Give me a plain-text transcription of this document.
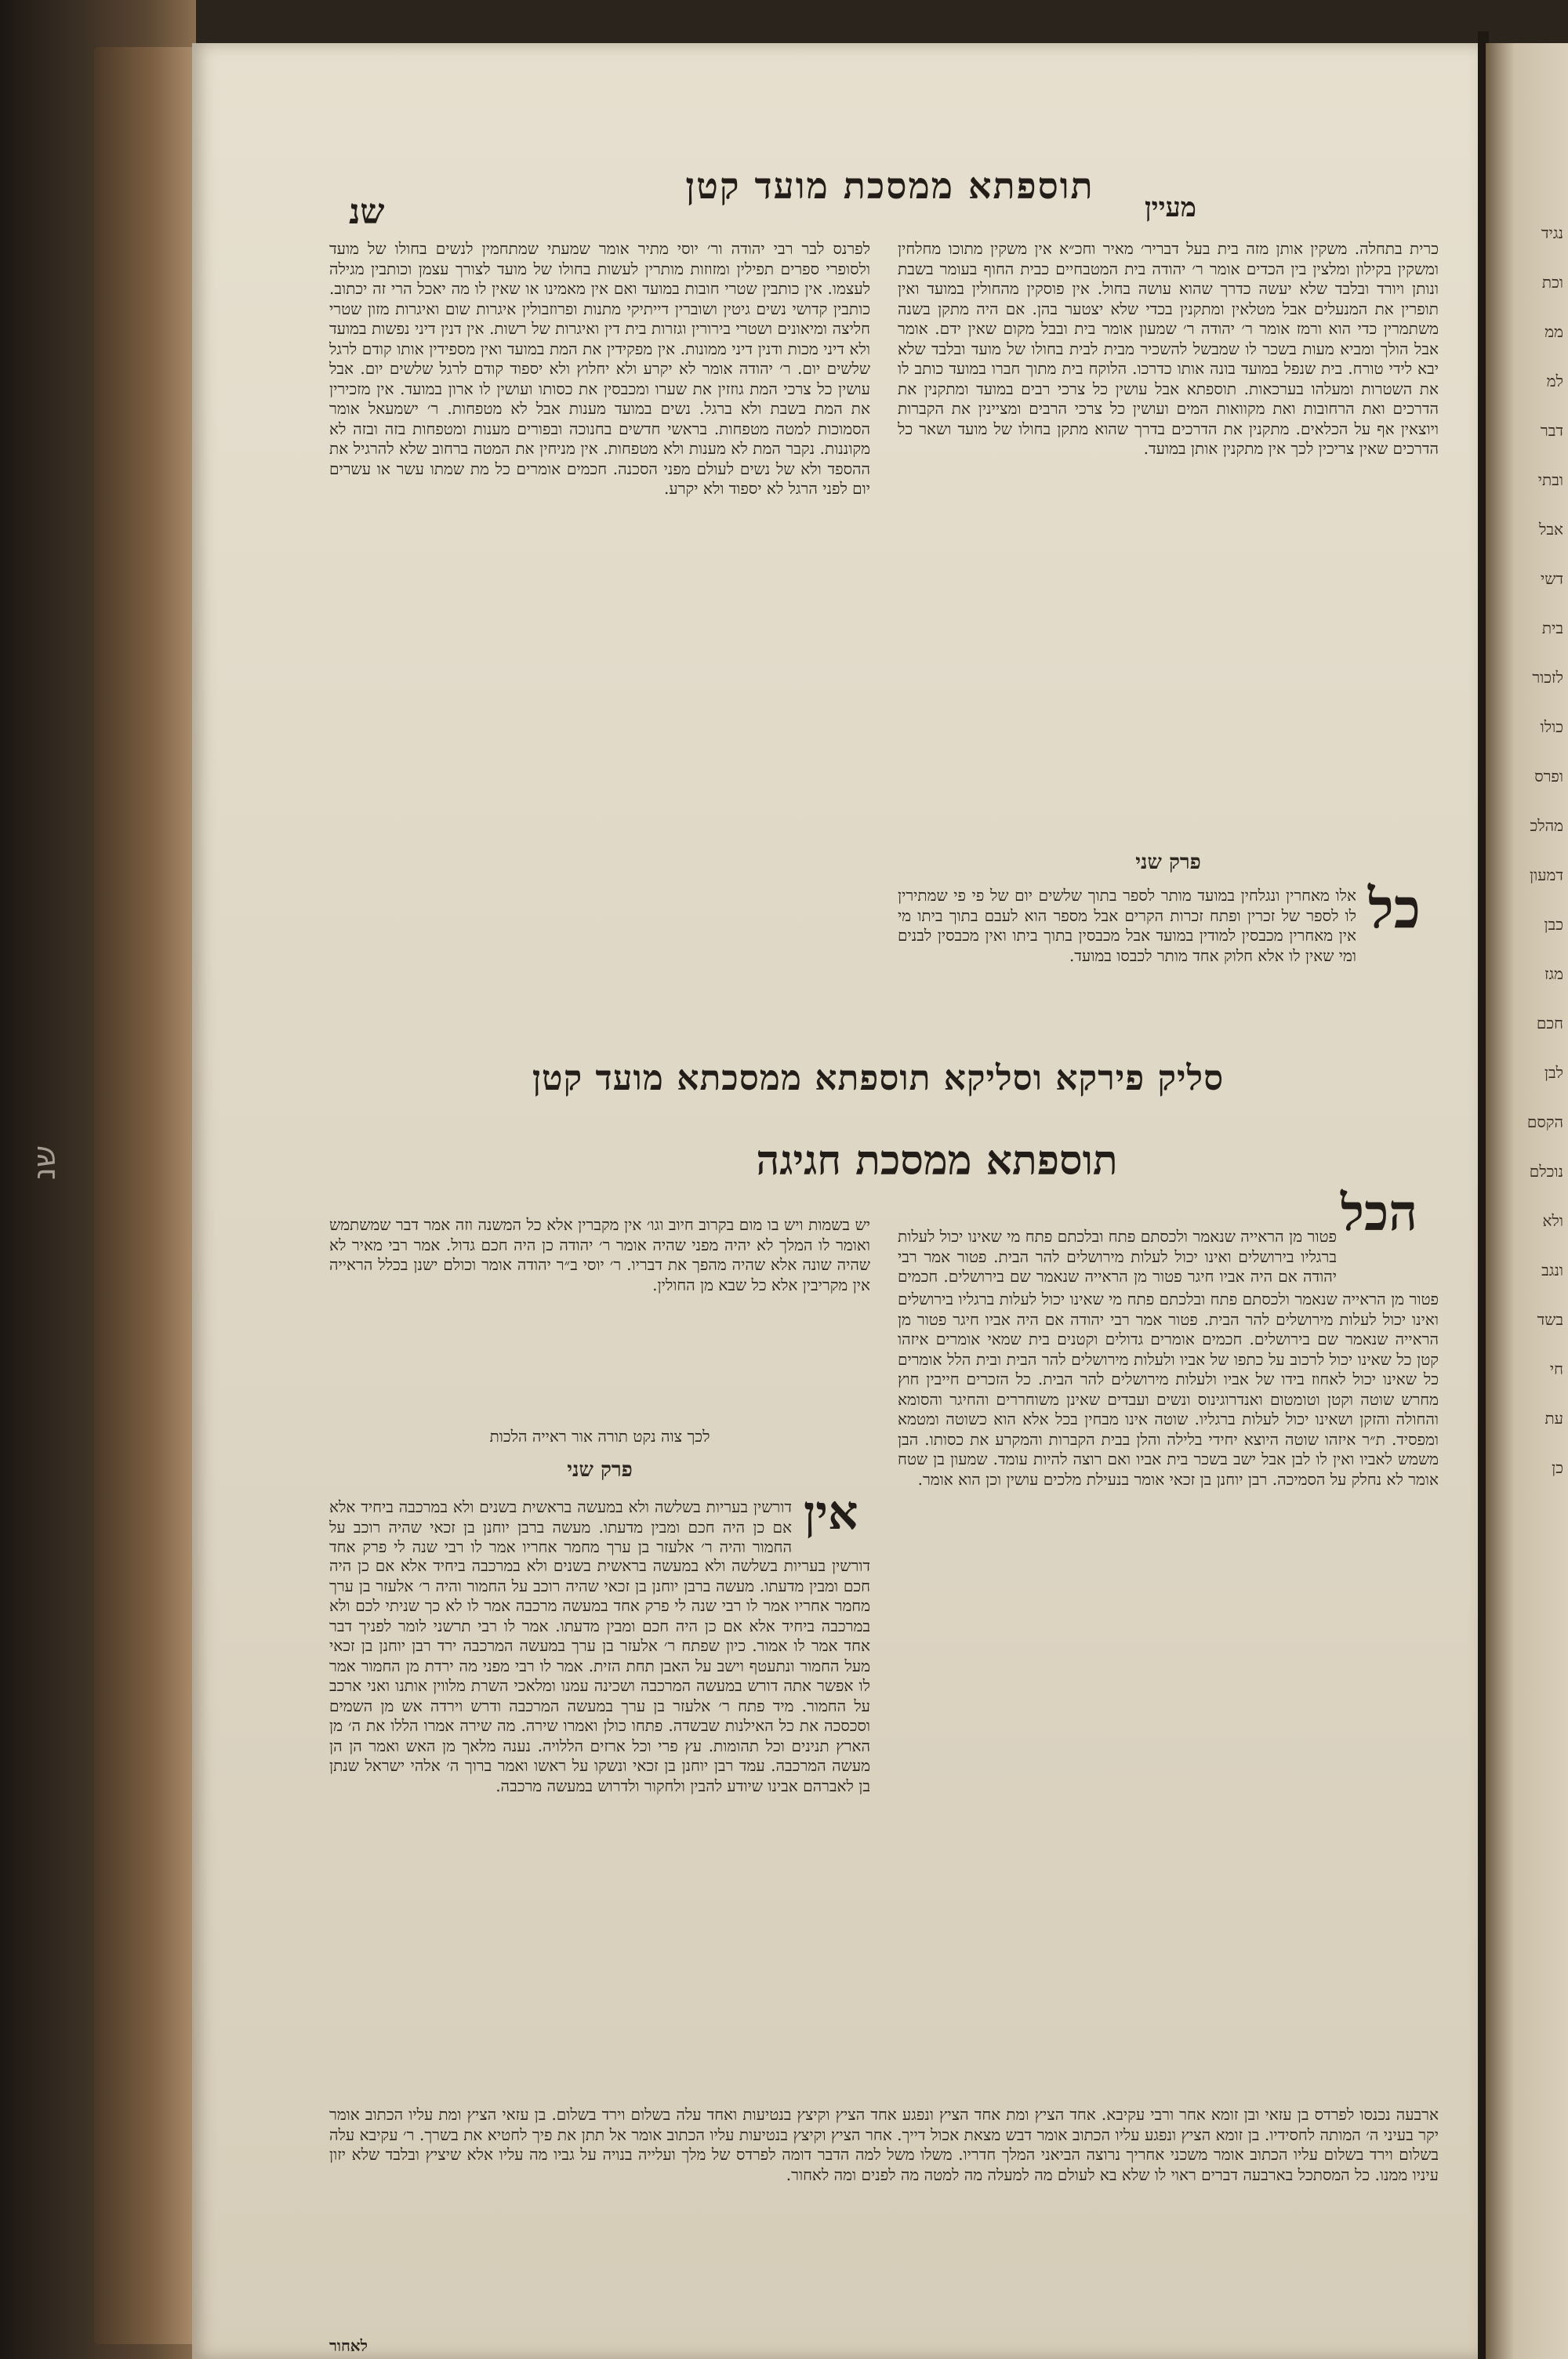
שנ
נגיד
וכת
ממ
למ
דבר
ובתי
אבל
דשי
בית
לזכור
כולו
ופרס
מהלכ
דמעון
כבן
מגז
חכם
לבן
הקסם
נוכלם
ולא
ונגב
בשד
חי
עת
כן
מעיין
תוספתא ממסכת מועד קטן
שנ
כרית בתחלה. משקין אותן מזה בית בעל דבריר׳ מאיר וחכ״א אין משקין מתוכו מחלחין ומשקין בקילון ומלצין בין הכדים אומר ר׳ יהודה בית המטבחיים כבית החוף בעומר בשבת ונותן ויורד ובלבד שלא יעשה כדרך שהוא עושה בחול. אין פוסקין מהחולין במועד ואין תופרין את המנעלים אבל מטלאין ומתקנין בכדי שלא יצטער בהן. אם היה מתקן בשנה משתמרין כדי הוא ורמז אומר ר׳ יהודה ר׳ שמעון אומר בית ובבל מקום שאין ידם. אומר אבל הולך ומביא מעות בשכר לו שמבשל להשכיר מבית לבית בחולו של מועד ובלבד שלא יבא לידי טורח. בית שנפל במועד בונה אותו כדרכו. הלוקח בית מתוך חברו במועד כותב לו את השטרות ומעלהו בערכאות. תוספתא אבל עושין כל צרכי רבים במועד ומתקנין את הדרכים ואת הרחובות ואת מקוואות המים ועושין כל צרכי הרבים ומציינין את הקברות ויוצאין אף על הכלאים. מתקנין את הדרכים בדרך שהוא מתקן בחולו של מועד ושאר כל הדרכים שאין צריכין לכך אין מתקנין אותן במועד.
פרק שני
כל
אלו מאחרין ונגלחין במועד מותר לספר בתוך שלשים יום של פי פי שמתירין לו לספר של זכרין ופתח זכרות הקרים אבל מספר הוא לעבם בתוך ביתו מי אין מאחרין מכבסין למודין במועד אבל מכבסין בתוך ביתו ואין מכבסין לבנים ומי שאין לו אלא חלוק אחד מותר לכבסו במועד.
לפרנס לבר רבי יהודה ור׳ יוסי מתיר אומר שמעתי שמתחמין לנשים בחולו של מועד ולסופרי ספרים תפילין ומזוזות מותרין לעשות בחולו של מועד לצורך עצמן וכותבין מגילה לעצמו. אין כותבין שטרי חובות במועד ואם אין מאמינו או שאין לו מה יאכל הרי זה יכתוב. כותבין קדושי נשים גיטין ושוברין דייתיקי מתנות ופרוזבולין איגרות שום ואיגרות מזון שטרי חליצה ומיאונים ושטרי בירורין וגזרות בית דין ואיגרות של רשות. אין דנין דיני נפשות במועד ולא דיני מכות ודנין דיני ממונות. אין מפקידין את המת במועד ואין מספידין אותו קודם לרגל שלשים יום. ר׳ יהודה אומר לא יקרע ולא יחלוץ ולא יספוד קודם לרגל שלשים יום. אבל עושין כל צרכי המת גוזזין את שערו ומכבסין את כסותו ועושין לו ארון במועד. אין מזכירין את המת בשבת ולא ברגל. נשים במועד מענות אבל לא מטפחות. ר׳ ישמעאל אומר הסמוכות למטה מטפחות. בראשי חדשים בחנוכה ובפורים מענות ומטפחות בזה ובזה לא מקוננות. נקבר המת לא מענות ולא מטפחות. אין מניחין את המטה ברחוב שלא להרגיל את ההספד ולא של נשים לעולם מפני הסכנה. חכמים אומרים כל מת שמתו עשר או עשרים יום לפני הרגל לא יספוד ולא יקרע.
סליק פירקא וסליקא תוספתא ממסכתא מועד קטן
תוספתא ממסכת חגיגה
הכל
פטור מן הראייה שנאמר ולכסתם פתח ובלכתם פתח מי שאינו יכול לעלות ברגליו בירושלים ואינו יכול לעלות מירושלים להר הבית. פטור אמר רבי יהודה אם היה אביו חיגר פטור מן הראייה שנאמר שם בירושלים. חכמים
פטור מן הראייה שנאמר ולכסתם פתח ובלכתם פתח מי שאינו יכול לעלות ברגליו בירושלים ואינו יכול לעלות מירושלים להר הבית. פטור אמר רבי יהודה אם היה אביו חיגר פטור מן הראייה שנאמר שם בירושלים. חכמים אומרים גדולים וקטנים בית שמאי אומרים איזהו קטן כל שאינו יכול לרכוב על כתפו של אביו ולעלות מירושלים להר הבית ובית הלל אומרים כל שאינו יכול לאחוז בידו של אביו ולעלות מירושלים להר הבית. כל הזכרים חייבין חוץ מחרש שוטה וקטן וטומטום ואנדרוגינוס ונשים ועבדים שאינן משוחררים והחיגר והסומא והחולה והזקן ושאינו יכול לעלות ברגליו. שוטה אינו מבחין בכל אלא הוא כשוטה ומטמא ומפסיד. ת״ר איזהו שוטה היוצא יחידי בלילה והלן בבית הקברות והמקרע את כסותו. הבן משמש לאביו ואין לו לבן אבל ישב בשכר בית אביו ואם רוצה להיות עומד. שמעון בן שטח אומר לא נחלק על הסמיכה. רבן יוחנן בן זכאי אומר בנעילת מלכים עושין וכן הוא אומר.
יש בשמות ויש בו מום בקרוב חיוב וגו׳ אין מקברין אלא כל המשנה וזה אמר דבר שמשתמש ואומר לו המלך לא יהיה מפני שהיה אומר ר׳ יהודה כן היה חכם גדול. אמר רבי מאיר לא שהיה שונה אלא שהיה מהפך את דבריו. ר׳ יוסי ב״ר יהודה אומר וכולם ישנן בכלל הראייה אין מקריבין אלא כל שבא מן החולין.
לכך צוה נקט תורה אור ראייה הלכות
פרק שני
אין
דורשין בעריות בשלשה ולא במעשה בראשית בשנים ולא במרכבה ביחיד אלא אם כן היה חכם ומבין מדעתו. מעשה ברבן יוחנן בן זכאי שהיה רוכב על החמור והיה ר׳ אלעזר בן ערך מחמר אחריו אמר לו רבי שנה לי פרק אחד
דורשין בעריות בשלשה ולא במעשה בראשית בשנים ולא במרכבה ביחיד אלא אם כן היה חכם ומבין מדעתו. מעשה ברבן יוחנן בן זכאי שהיה רוכב על החמור והיה ר׳ אלעזר בן ערך מחמר אחריו אמר לו רבי שנה לי פרק אחד במעשה מרכבה אמר לו לא כך שניתי לכם ולא במרכבה ביחיד אלא אם כן היה חכם ומבין מדעתו. אמר לו רבי תרשני לומר לפניך דבר אחד אמר לו אמור. כיון שפתח ר׳ אלעזר בן ערך במעשה המרכבה ירד רבן יוחנן בן זכאי מעל החמור ונתעטף וישב על האבן תחת הזית. אמר לו רבי מפני מה ירדת מן החמור אמר לו אפשר אתה דורש במעשה המרכבה ושכינה עמנו ומלאכי השרת מלווין אותנו ואני ארכב על החמור. מיד פתח ר׳ אלעזר בן ערך במעשה המרכבה ודרש וירדה אש מן השמים וסכסכה את כל האילנות שבשדה. פתחו כולן ואמרו שירה. מה שירה אמרו הללו את ה׳ מן הארץ תנינים וכל תהומות. עץ פרי וכל ארזים הללויה. נענה מלאך מן האש ואמר הן הן מעשה המרכבה. עמד רבן יוחנן בן זכאי ונשקו על ראשו ואמר ברוך ה׳ אלהי ישראל שנתן בן לאברהם אבינו שיודע להבין ולחקור ולדרוש במעשה מרכבה.
ארבעה נכנסו לפרדס בן עזאי ובן זומא אחר ורבי עקיבא. אחד הציץ ומת אחד הציץ ונפגע אחד הציץ וקיצץ בנטיעות ואחד עלה בשלום וירד בשלום. בן עזאי הציץ ומת עליו הכתוב אומר יקר בעיני ה׳ המותה לחסידיו. בן זומא הציץ ונפגע עליו הכתוב אומר דבש מצאת אכול דייך. אחר הציץ וקיצץ בנטיעות עליו הכתוב אומר אל תתן את פיך לחטיא את בשרך. ר׳ עקיבא עלה בשלום וירד בשלום עליו הכתוב אומר משכני אחריך נרוצה הביאני המלך חדריו. משלו משל למה הדבר דומה לפרדס של מלך ועלייה בנויה על גביו מה עליו אלא שיציץ ובלבד שלא יזון עיניו ממנו. כל המסתכל בארבעה דברים ראוי לו שלא בא לעולם מה למעלה מה למטה מה לפנים ומה לאחור.
לאחור
